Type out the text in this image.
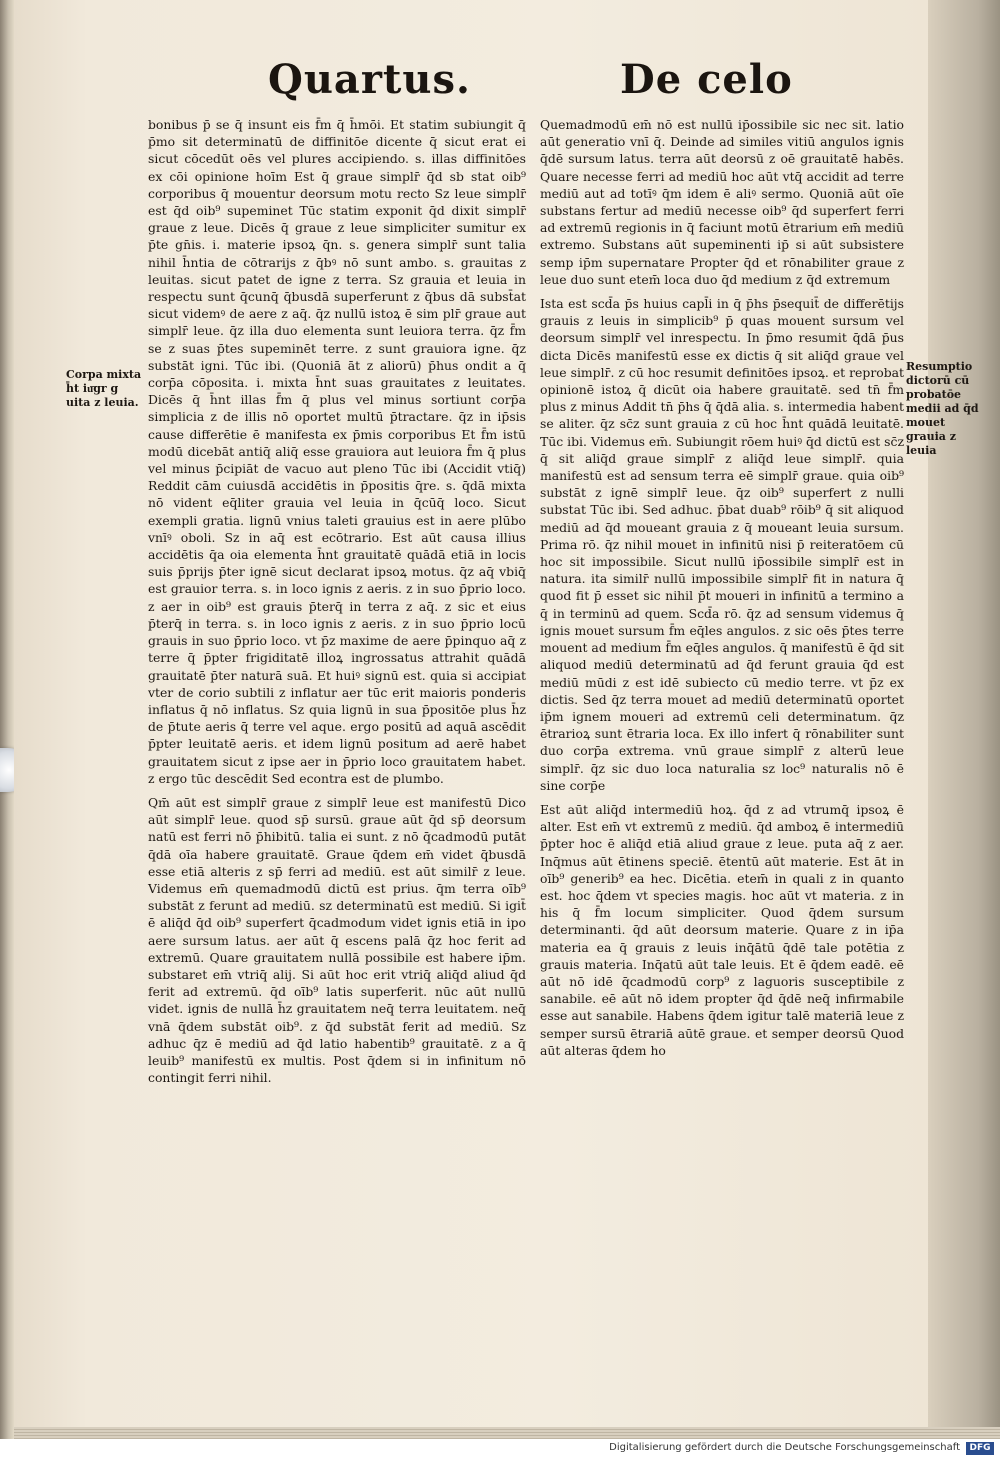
Quartus.	De celo
Corpa mixta h̄t iu͞gr g uita z leuia.
Resumptio dictorū cū probatōe medii ad q̄d mouet grauia z leuia

bonibus p̄ se q̄ insunt eis f̄m q̄ h̄mōi. Et statim subiungit q̄ p̄mo sit determinatū de diffinitōe dicente q̄ sicut erat ei sicut cōcedūt oēs vel plures accipiendo. s. illas diffinitōes ex cōi opinione hoīm Est q̄ graue simplr̄ q̄d sb stat oib⁹ corporibus q̄ mouentur deorsum motu recto Sz leue simplr̄ est q̄d oib⁹ supeminet Tūc statim exponit q̄d dixit simplr̄ graue z leue. Dicēs q̄ graue z leue simpliciter sumitur ex p̄te gn̄is. i. materie ipsoꝝ q̄n. s. genera simplr̄ sunt talia nihil h̄ntia de cōtrarijs z q̄bꝰ nō sunt ambo. s. grauitas z leuitas. sicut patet de igne z terra. Sz grauia et leuia in respectu sunt q̄cunq̄ q̄busdā superferunt z q̄bus dā subst̄at sicut videmꝰ de aere z aq̄. q̄z nullū istoꝝ ē sim plr̄ graue aut simplr̄ leue. q̄z illa duo elementa sunt leuiora terra. q̄z f̄m se z suas p̄tes supeminēt terre. z sunt grauiora igne. q̄z substāt igni. Tūc ibi. (Quoniā āt z aliorū) p̄hus ondit a q̄ corp̄a cōposita. i. mixta h̄nt suas grauitates z leuitates. Dicēs q̄ h̄nt illas f̄m q̄ plus vel minus sortiunt corp̄a simplicia z de illis nō oportet multū p̄tractare. q̄z in ip̄sis cause differētie ē manifesta ex p̄mis corporibus Et f̄m istū modū dicebāt antiq̄ aliq̄ esse grauiora aut leuiora f̄m q̄ plus vel minus p̄cipiāt de vacuo aut pleno Tūc ibi (Accidit vtiq̄) Reddit cām cuiusdā accidētis in p̄positis q̄re. s. q̄dā mixta nō vident eq̄liter grauia vel leuia in q̄cūq̄ loco. Sicut exempli gratia. lignū vnius taleti grauius est in aere plūbo vnīꝰ oboli. Sz in aq̄ est ecōtrario. Est aūt causa illius accidētis q̄a oia elementa h̄nt grauitatē quādā etiā in locis suis p̄prijs p̄ter ignē sicut declarat ipsoꝝ motus. q̄z aq̄ vbiq̄ est grauior terra. s. in loco ignis z aeris. z in suo p̄prio loco. z aer in oib⁹ est grauis p̄terq̄ in terra z aq̄. z sic et eius p̄terq̄ in terra. s. in loco ignis z aeris. z in suo p̄prio locū grauis in suo p̄prio loco. vt p̄z maxime de aere p̄pinquo aq̄ z terre q̄ p̄pter frigiditatē illoꝝ ingrossatus attrahit quādā grauitatē p̄ter naturā suā. Et huiꝰ signū est. quia si accipiat vter de corio subtili z inflatur aer tūc erit maioris ponderis inflatus q̄ nō inflatus. Sz quia lignū in sua p̄positōe plus h̄z de p̄tute aeris q̄ terre vel aque. ergo positū ad aquā ascēdit p̄pter leuitatē aeris. et idem lignū positum ad aerē habet grauitatem sicut z ipse aer in p̄prio loco grauitatem habet. z ergo tūc descēdit Sed econtra est de plumbo.

Qm̄ aūt est simplr̄ graue z simplr̄ leue est manifestū Dico aūt simplr̄ leue. quod sp̄ sursū. graue aūt q̄d sp̄ deorsum natū est ferri nō p̄hibitū. talia ei sunt. z nō q̄cadmodū putāt q̄dā oīa habere grauitatē. Graue q̄dem em̄ videt q̄busdā esse etiā alteris z sp̄ ferri ad mediū. est aūt similr̄ z leue. Videmus em̄ quemadmodū dictū est prius. q̄m terra oīb⁹ substāt z ferunt ad mediū. sz determinatū est mediū. Si igit̄ ē aliq̄d q̄d oib⁹ superfert q̄cadmodum videt ignis etiā in ipo aere sursum latus. aer aūt q̄ escens palā q̄z hoc ferit ad extremū. Quare grauitatem nullā possibile est habere ip̄m. substaret em̄ vtriq̄ alij. Si aūt hoc erit vtriq̄ aliq̄d aliud q̄d ferit ad extremū. q̄d oīb⁹ latis superferit. nūc aūt nullū videt. ignis de nullā h̄z grauitatem neq̄ terra leuitatem. neq̄ vnā q̄dem substāt oib⁹. z q̄d substāt ferit ad mediū. Sz adhuc q̄z ē mediū ad q̄d latio habentib⁹ grauitatē. z a q̄ leuib⁹ manifestū ex multis. Post q̄dem si in infinitum nō contingit ferri nihil.

Quemadmodū em̄ nō est nullū ip̄ossibile sic nec sit. latio aūt generatio vnī q̄. Deinde ad similes vitiū angulos ignis q̄dē sursum latus. terra aūt deorsū z oē grauitatē habēs. Quare necesse ferri ad mediū hoc aūt vtq̄ accidit ad terre mediū aut ad totīꝰ q̄m idem ē aliꝰ sermo. Quoniā aūt oīe substans fertur ad mediū necesse oib⁹ q̄d superfert ferri ad extremū regionis in q̄ faciunt motū ētrarium em̄ mediū extremo. Substans aūt supeminenti ip̄ si aūt subsistere semp ip̄m supernatare Propter q̄d et rōnabiliter graue z leue duo sunt etem̄ loca duo q̄d medium z q̄d extremum

Ista est scd̄a p̄s huius capl̄i in q̄ p̄hs p̄sequit̄ de differētijs grauis z leuis in simplicib⁹ p̄ quas mouent sursum vel deorsum simplr̄ vel inrespectu. In p̄mo resumit q̄dā p̄us dicta Dicēs manifestū esse ex dictis q̄ sit aliq̄d graue vel leue simplr̄. z cū hoc resumit definitōes ipsoꝝ. et reprobat opinionē istoꝝ q̄ dicūt oia habere grauitatē. sed tn̄ f̄m plus z minus Addit tn̄ p̄hs q̄ q̄dā alia. s. intermedia habent se aliter. q̄z sc̄z sunt grauia z cū hoc h̄nt quādā leuitatē. Tūc ibi. Videmus em̄. Subiungit rōem huiꝰ q̄d dictū est sc̄z q̄ sit aliq̄d graue simplr̄ z aliq̄d leue simplr̄. quia manifestū est ad sensum terra eē simplr̄ graue. quia oib⁹ substāt z ignē simplr̄ leue. q̄z oib⁹ superfert z nulli substat Tūc ibi. Sed adhuc. p̄bat duab⁹ rōib⁹ q̄ sit aliquod mediū ad q̄d moueant grauia z q̄ moueant leuia sursum. Prima rō. q̄z nihil mouet in infinitū nisi p̄ reiteratōem cū hoc sit impossibile. Sicut nullū ip̄ossibile simplr̄ est in natura. ita similr̄ nullū impossibile simplr̄ fit in natura q̄ quod fit p̄ esset sic nihil p̄t moueri in infinitū a termino a q̄ in terminū ad quem. Scd̄a rō. q̄z ad sensum videmus q̄ ignis mouet sursum f̄m eq̄les angulos. z sic oēs p̄tes terre mouent ad medium f̄m eq̄les angulos. q̄ manifestū ē q̄d sit aliquod mediū determinatū ad q̄d ferunt grauia q̄d est mediū mūdi z est idē subiecto cū medio terre. vt p̄z ex dictis. Sed q̄z terra mouet ad mediū determinatū oportet ip̄m ignem moueri ad extremū celi determinatum. q̄z ētrarioꝝ sunt ētraria loca. Ex illo infert q̄ rōnabiliter sunt duo corp̄a extrema. vnū graue simplr̄ z alterū leue simplr̄. q̄z sic duo loca naturalia sz loc⁹ naturalis nō ē sine corp̄e

Est aūt aliq̄d intermediū hoꝝ. q̄d z ad vtrumq̄ ipsoꝝ ē alter. Est em̄ vt extremū z mediū. q̄d amboꝝ ē intermediū p̄pter hoc ē aliq̄d etiā aliud graue z leue. puta aq̄ z aer. Inq̄mus aūt ētinens speciē. ētentū aūt materie. Est āt in oīb⁹ generib⁹ ea hec. Dicētia. etem̄ in quali z in quanto est. hoc q̄dem vt species magis. hoc aūt vt materia. z in his q̄ f̄m locum simpliciter. Quod q̄dem sursum determinanti. q̄d aūt deorsum materie. Quare z in ip̄a materia ea q̄ grauis z leuis inq̄ātū q̄dē tale potētia z grauis materia. Inq̄atū aūt tale leuis. Et ē q̄dem eadē. eē aūt nō idē q̄cadmodū corp⁹ z laguoris susceptibile z sanabile. eē aūt nō idem propter q̄d q̄dē neq̄ infirmabile esse aut sanabile. Habens q̄dem igitur talē materiā leue z semper sursū ētrariā aūtē graue. et semper deorsū Quod aūt alteras q̄dem ho

Digitalisierung gefördert durch die Deutsche Forschungsgemeinschaft	DFG
